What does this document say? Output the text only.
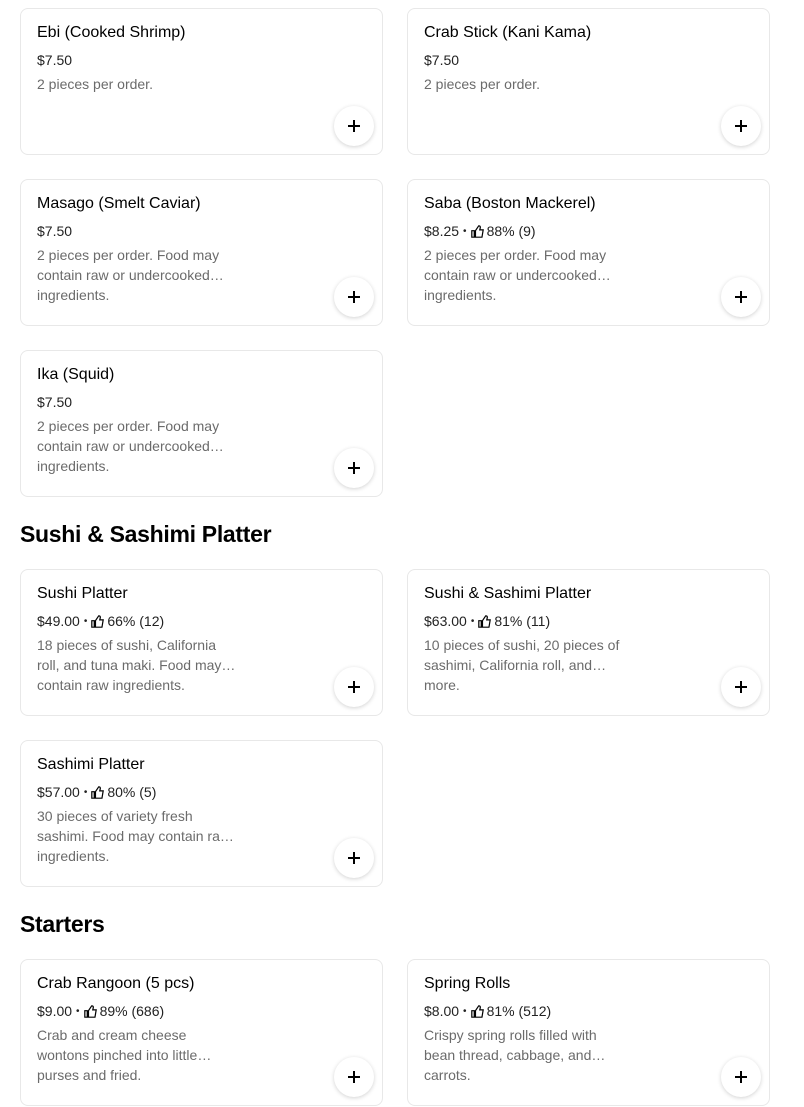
Ebi (Cooked Shrimp)
$7.50
2 pieces per order.
Crab Stick (Kani Kama)
$7.50
2 pieces per order.
Masago (Smelt Caviar)
$7.50
2 pieces per order. Food may contain raw or undercooked ingredients.
Saba (Boston Mackerel)
$8.25 • 88% (9)
2 pieces per order. Food may contain raw or undercooked ingredients.
Ika (Squid)
$7.50
2 pieces per order. Food may contain raw or undercooked ingredients.
Sushi & Sashimi Platter
Sushi Platter
$49.00 • 66% (12)
18 pieces of sushi, California roll, and tuna maki. Food may contain raw ingredients.
Sushi & Sashimi Platter
$63.00 • 81% (11)
10 pieces of sushi, 20 pieces of sashimi, California roll, and more.
Sashimi Platter
$57.00 • 80% (5)
30 pieces of variety fresh sashimi. Food may contain raw ingredients.
Starters
Crab Rangoon (5 pcs)
$9.00 • 89% (686)
Crab and cream cheese wontons pinched into little purses and fried.
Spring Rolls
$8.00 • 81% (512)
Crispy spring rolls filled with bean thread, cabbage, and carrots.
